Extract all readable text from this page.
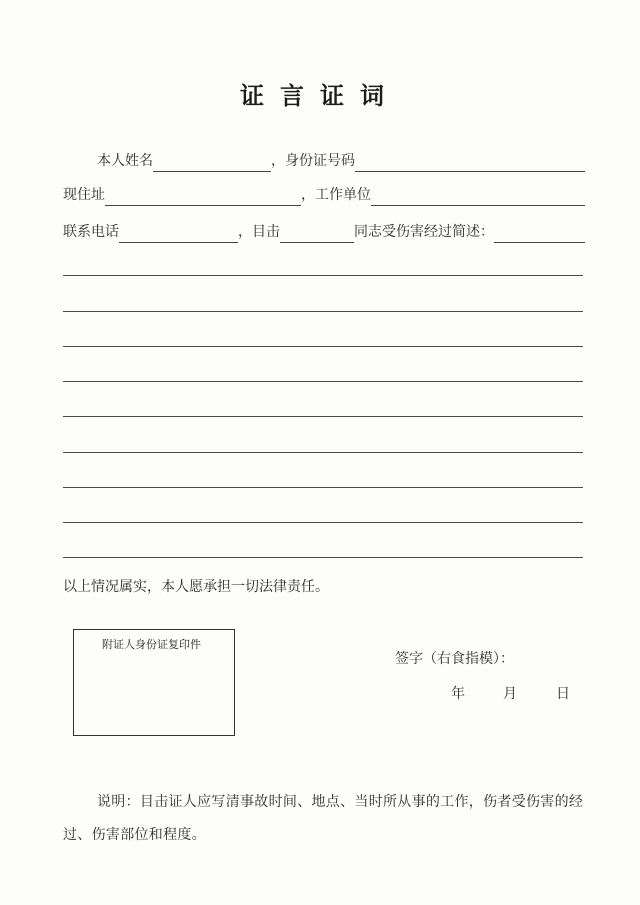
证言证词
本人姓名	，身份证号码
现住址	，工作单位
联系电话	，目击	同志受伤害经过简述：
以上情况属实，本人愿承担一切法律责任。
附证人身份证复印件
签字（右食指模）：
年	月	日
说明：目击证人应写清事故时间、地点、当时所从事的工作，伤者受伤害的经过、伤害部位和程度。
